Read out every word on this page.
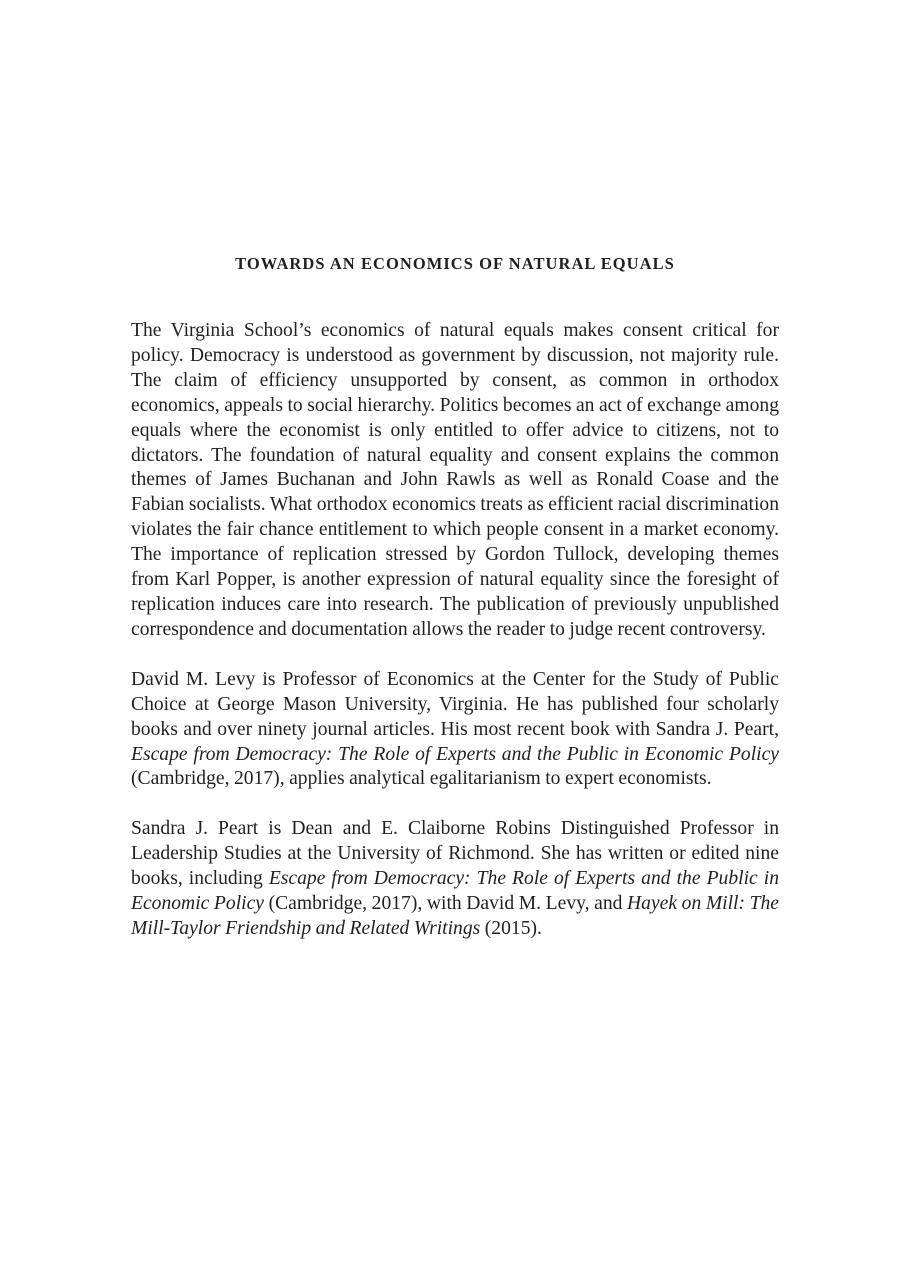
TOWARDS AN ECONOMICS OF NATURAL EQUALS

The Virginia School’s economics of natural equals makes consent critical for policy. Democracy is understood as government by discussion, not majority rule. The claim of efficiency unsupported by consent, as common in orthodox economics, appeals to social hierarchy. Politics becomes an act of exchange among equals where the economist is only entitled to offer advice to citizens, not to dictators. The foundation of natural equality and consent explains the common themes of James Buchanan and John Rawls as well as Ronald Coase and the Fabian socialists. What orthodox economics treats as efficient racial discrimination violates the fair chance entitlement to which people consent in a market economy. The importance of replication stressed by Gordon Tullock, developing themes from Karl Popper, is another expression of natural equality since the foresight of replication induces care into research. The publication of previously unpublished correspondence and documentation allows the reader to judge recent controversy.

David M. Levy is Professor of Economics at the Center for the Study of Public Choice at George Mason University, Virginia. He has published four scholarly books and over ninety journal articles. His most recent book with Sandra J. Peart, Escape from Democracy: The Role of Experts and the Public in Economic Policy (Cambridge, 2017), applies analytical egalitarianism to expert economists.

Sandra J. Peart is Dean and E. Claiborne Robins Distinguished Professor in Leadership Studies at the University of Richmond. She has written or edited nine books, including Escape from Democracy: The Role of Experts and the Public in Economic Policy (Cambridge, 2017), with David M. Levy, and Hayek on Mill: The Mill-Taylor Friendship and Related Writings (2015).
